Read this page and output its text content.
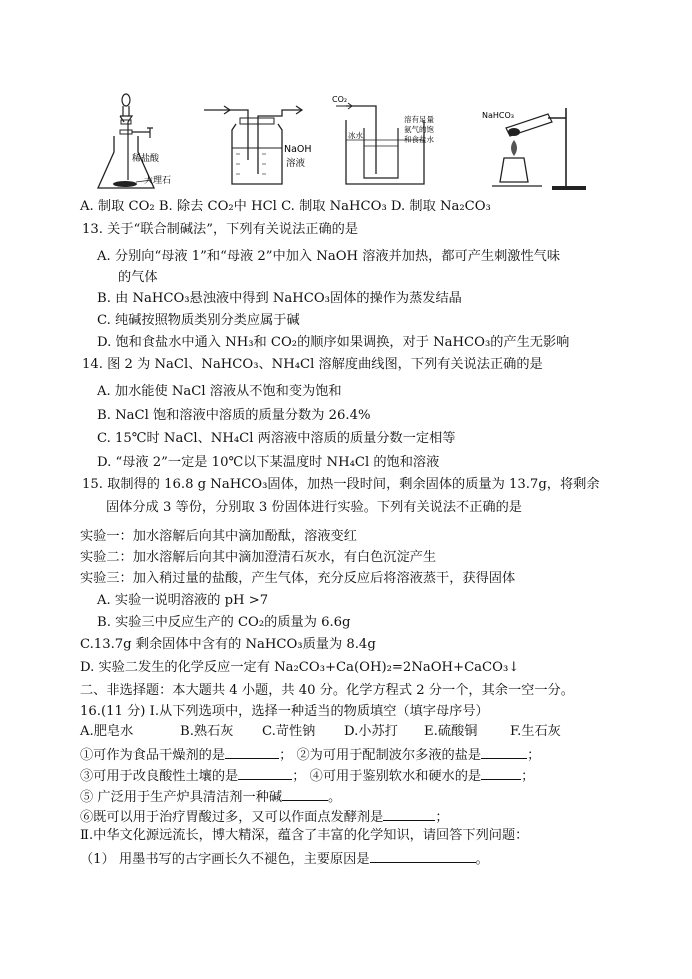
稀盐酸
大理石
NaOH
溶液
CO₂
冰水
溶有足量
氨气的饱
和食盐水
NaHCO₃
A. 制取 CO₂ B. 除去 CO₂中 HCl C. 制取 NaHCO₃ D. 制取 Na₂CO₃
13. 关于“联合制碱法”，下列有关说法正确的是
A. 分别向“母液 1”和“母液 2”中加入 NaOH 溶液并加热，都可产生刺激性气味
的气体
B. 由 NaHCO₃悬浊液中得到 NaHCO₃固体的操作为蒸发结晶
C. 纯碱按照物质类别分类应属于碱
D. 饱和食盐水中通入 NH₃和 CO₂的顺序如果调换，对于 NaHCO₃的产生无影响
14. 图 2 为 NaCl、NaHCO₃、NH₄Cl 溶解度曲线图，下列有关说法正确的是
A. 加水能使 NaCl 溶液从不饱和变为饱和
B. NaCl 饱和溶液中溶质的质量分数为 26.4%
C. 15℃时 NaCl、NH₄Cl 两溶液中溶质的质量分数一定相等
D. “母液 2”一定是 10℃以下某温度时 NH₄Cl 的饱和溶液
15. 取制得的 16.8 g NaHCO₃固体，加热一段时间，剩余固体的质量为 13.7g，将剩余
固体分成 3 等份，分别取 3 份固体进行实验。下列有关说法不正确的是
实验一：加水溶解后向其中滴加酚酞，溶液变红
实验二：加水溶解后向其中滴加澄清石灰水，有白色沉淀产生
实验三：加入稍过量的盐酸，产生气体，充分反应后将溶液蒸干，获得固体
A. 实验一说明溶液的 pH >7
B. 实验三中反应生产的 CO₂的质量为 6.6g
C.13.7g 剩余固体中含有的 NaHCO₃质量为 8.4g
D. 实验二发生的化学反应一定有 Na₂CO₃+Ca(OH)₂=2NaOH+CaCO₃↓
二、非选择题：本大题共 4 小题，共 40 分。化学方程式 2 分一个，其余一空一分。
16.(11 分) Ⅰ.从下列选项中，选择一种适当的物质填空（填字母序号）
A.肥皂水	B.熟石灰 C.苛性钠 D.小苏打 E.硫酸铜 F.生石灰
①可作为食品干燥剂的是	； ②为可用于配制波尔多液的盐是	；
③可用于改良酸性土壤的是	； ④可用于鉴别软水和硬水的是	；
⑤ 广泛用于生产炉具清洁剂一种碱	。
⑥既可以用于治疗胃酸过多，又可以作面点发酵剂是	；
Ⅱ.中华文化源远流长，博大精深，蕴含了丰富的化学知识，请回答下列问题：
（1） 用墨书写的古字画长久不褪色，主要原因是	。
